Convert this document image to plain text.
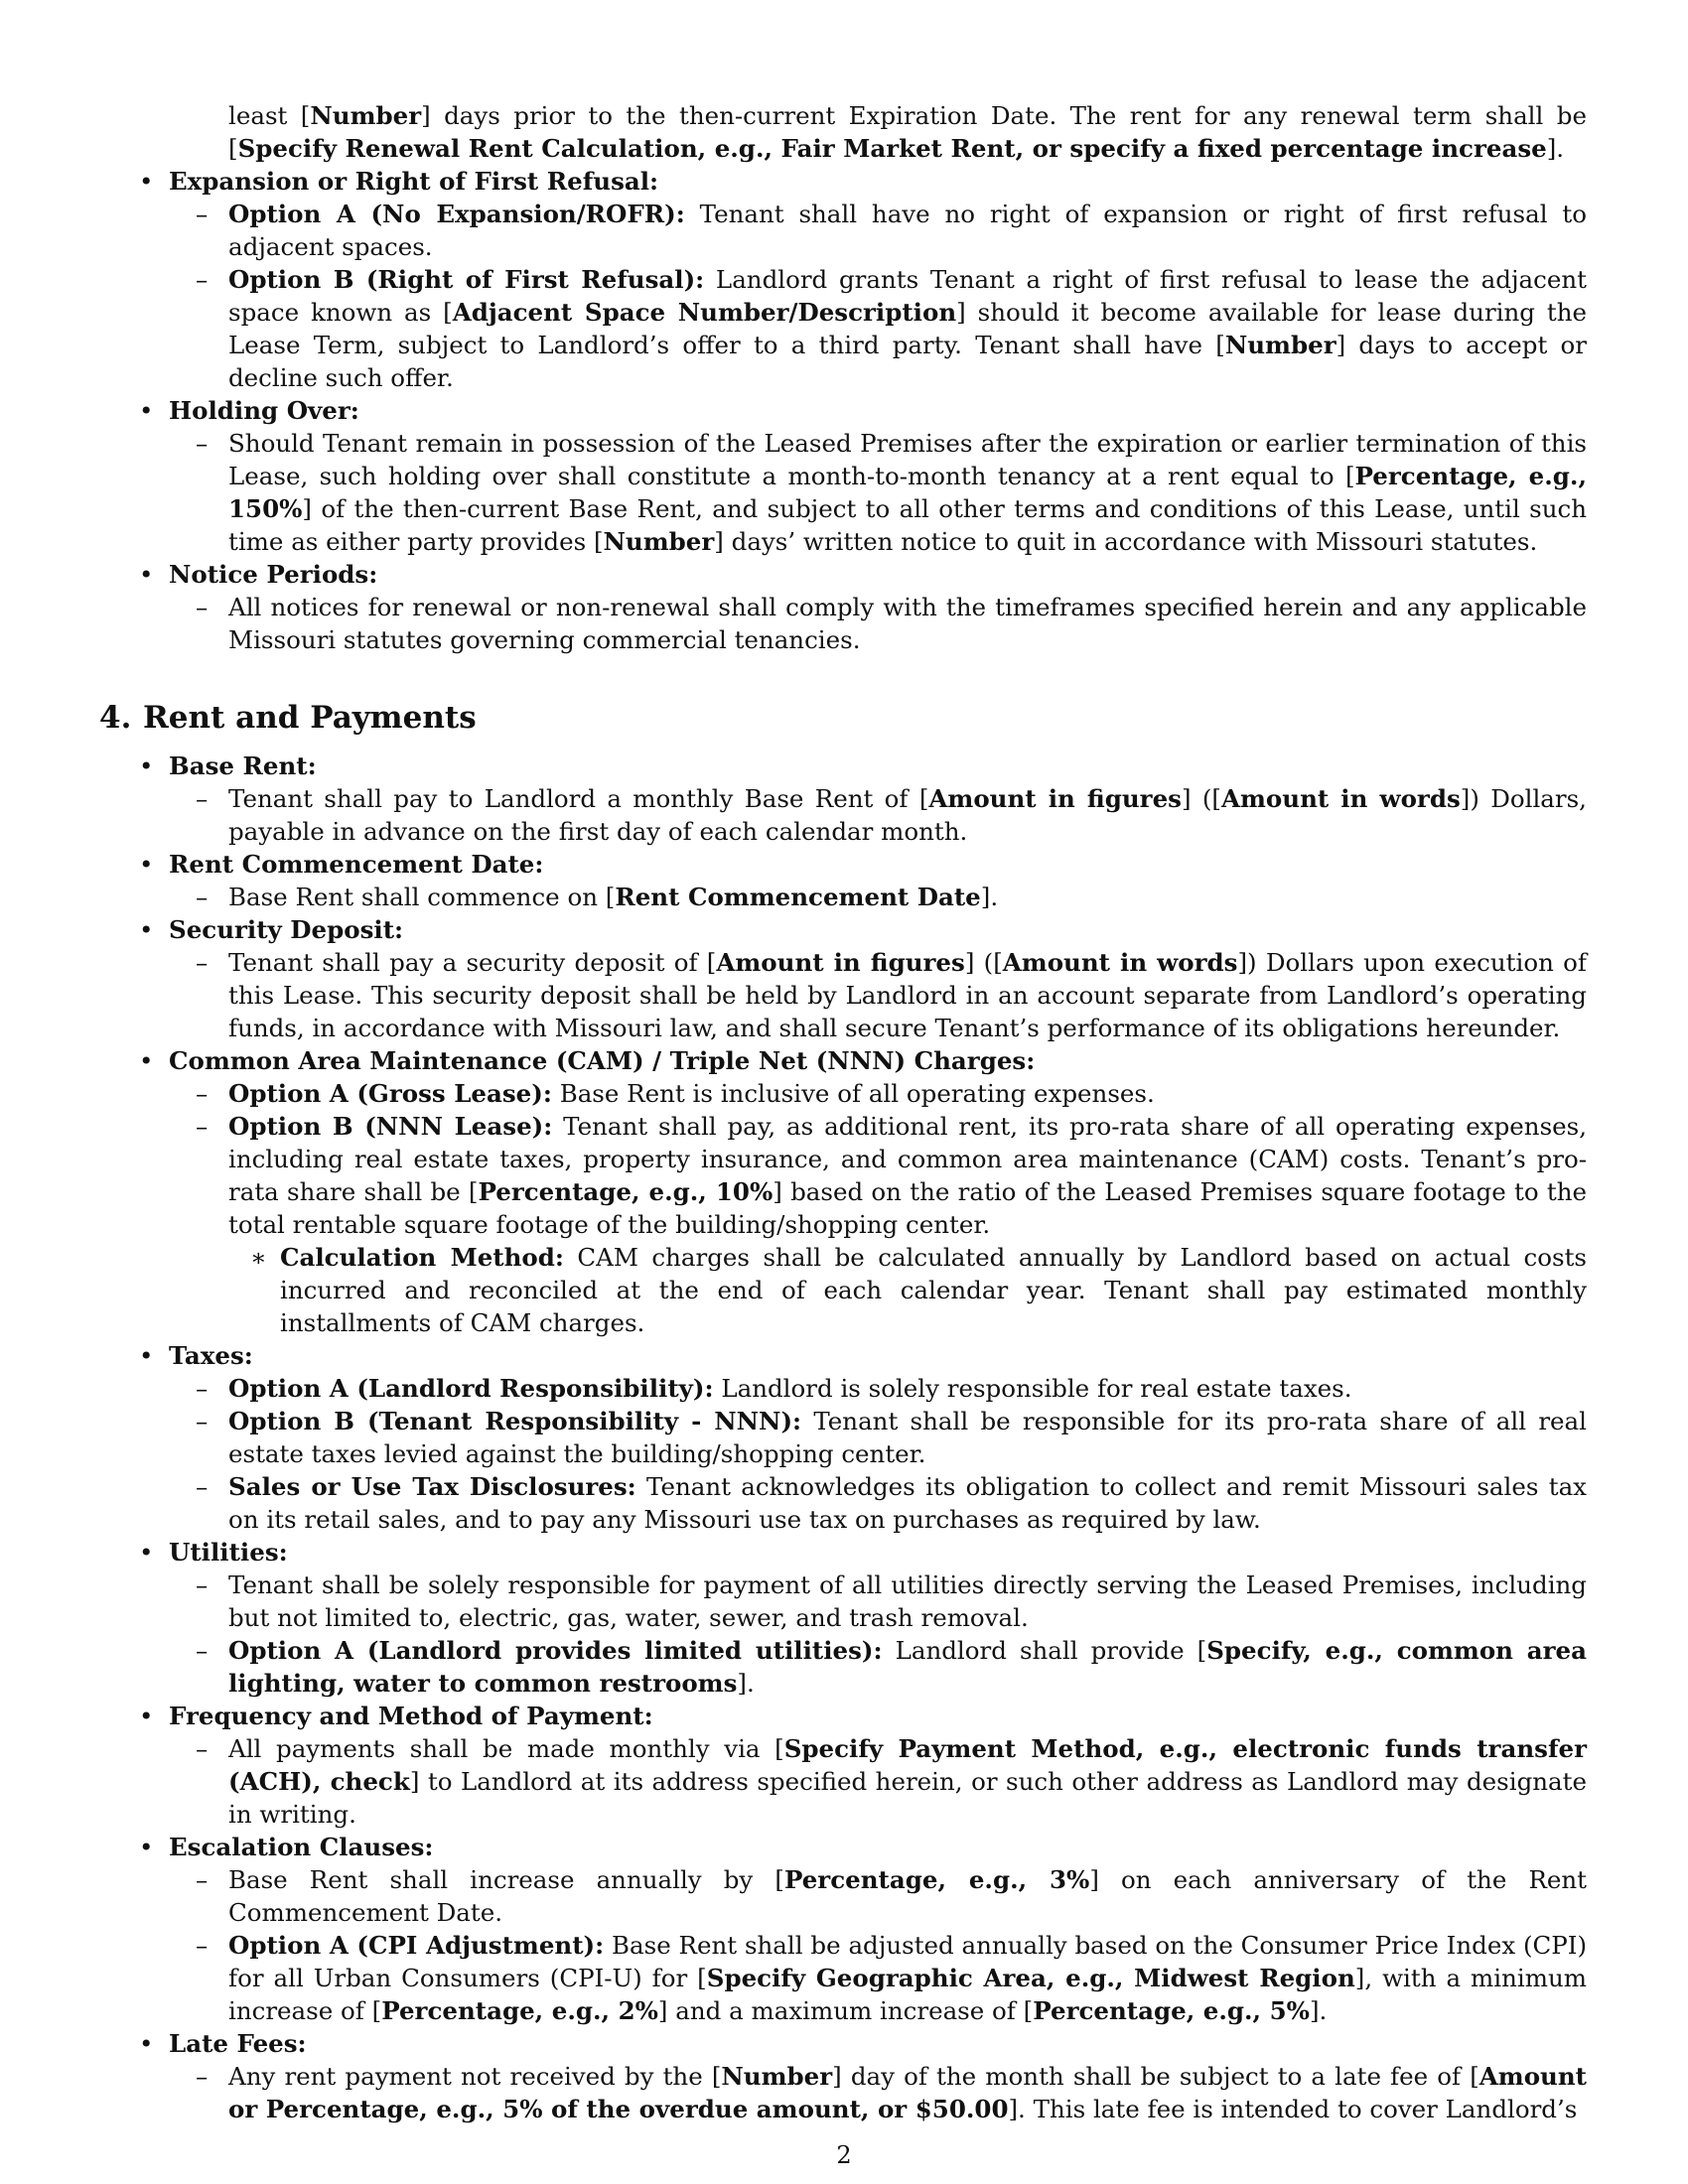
least [Number] days prior to the then-current Expiration Date. The rent for any renewal term shall be [Specify Renewal Rent Calculation, e.g., Fair Market Rent, or specify a fixed percentage increase].
• Expansion or Right of First Refusal:
– Option A (No Expansion/ROFR): Tenant shall have no right of expansion or right of first refusal to adjacent spaces.
– Option B (Right of First Refusal): Landlord grants Tenant a right of first refusal to lease the adjacent space known as [Adjacent Space Number/Description] should it become available for lease during the Lease Term, subject to Landlord’s offer to a third party. Tenant shall have [Number] days to accept or decline such offer.
• Holding Over:
– Should Tenant remain in possession of the Leased Premises after the expiration or earlier termination of this Lease, such holding over shall constitute a month-to-month tenancy at a rent equal to [Percentage, e.g., 150%] of the then-current Base Rent, and subject to all other terms and conditions of this Lease, until such time as either party provides [Number] days’ written notice to quit in accordance with Missouri statutes.
• Notice Periods:
– All notices for renewal or non-renewal shall comply with the timeframes specified herein and any applicable Missouri statutes governing commercial tenancies.
4. Rent and Payments
• Base Rent:
– Tenant shall pay to Landlord a monthly Base Rent of [Amount in figures] ([Amount in words]) Dollars, payable in advance on the first day of each calendar month.
• Rent Commencement Date:
– Base Rent shall commence on [Rent Commencement Date].
• Security Deposit:
– Tenant shall pay a security deposit of [Amount in figures] ([Amount in words]) Dollars upon execution of this Lease. This security deposit shall be held by Landlord in an account separate from Landlord’s operating funds, in accordance with Missouri law, and shall secure Tenant’s performance of its obligations hereunder.
• Common Area Maintenance (CAM) / Triple Net (NNN) Charges:
– Option A (Gross Lease): Base Rent is inclusive of all operating expenses.
– Option B (NNN Lease): Tenant shall pay, as additional rent, its pro-rata share of all operating expenses, including real estate taxes, property insurance, and common area maintenance (CAM) costs. Tenant’s pro-rata share shall be [Percentage, e.g., 10%] based on the ratio of the Leased Premises square footage to the total rentable square footage of the building/shopping center.
∗ Calculation Method: CAM charges shall be calculated annually by Landlord based on actual costs incurred and reconciled at the end of each calendar year. Tenant shall pay estimated monthly installments of CAM charges.
• Taxes:
– Option A (Landlord Responsibility): Landlord is solely responsible for real estate taxes.
– Option B (Tenant Responsibility - NNN): Tenant shall be responsible for its pro-rata share of all real estate taxes levied against the building/shopping center.
– Sales or Use Tax Disclosures: Tenant acknowledges its obligation to collect and remit Missouri sales tax on its retail sales, and to pay any Missouri use tax on purchases as required by law.
• Utilities:
– Tenant shall be solely responsible for payment of all utilities directly serving the Leased Premises, including but not limited to, electric, gas, water, sewer, and trash removal.
– Option A (Landlord provides limited utilities): Landlord shall provide [Specify, e.g., common area lighting, water to common restrooms].
• Frequency and Method of Payment:
– All payments shall be made monthly via [Specify Payment Method, e.g., electronic funds transfer (ACH), check] to Landlord at its address specified herein, or such other address as Landlord may designate in writing.
• Escalation Clauses:
– Base Rent shall increase annually by [Percentage, e.g., 3%] on each anniversary of the Rent Commencement Date.
– Option A (CPI Adjustment): Base Rent shall be adjusted annually based on the Consumer Price Index (CPI) for all Urban Consumers (CPI-U) for [Specify Geographic Area, e.g., Midwest Region], with a minimum increase of [Percentage, e.g., 2%] and a maximum increase of [Percentage, e.g., 5%].
• Late Fees:
– Any rent payment not received by the [Number] day of the month shall be subject to a late fee of [Amount or Percentage, e.g., 5% of the overdue amount, or $50.00]. This late fee is intended to cover Landlord’s
2
